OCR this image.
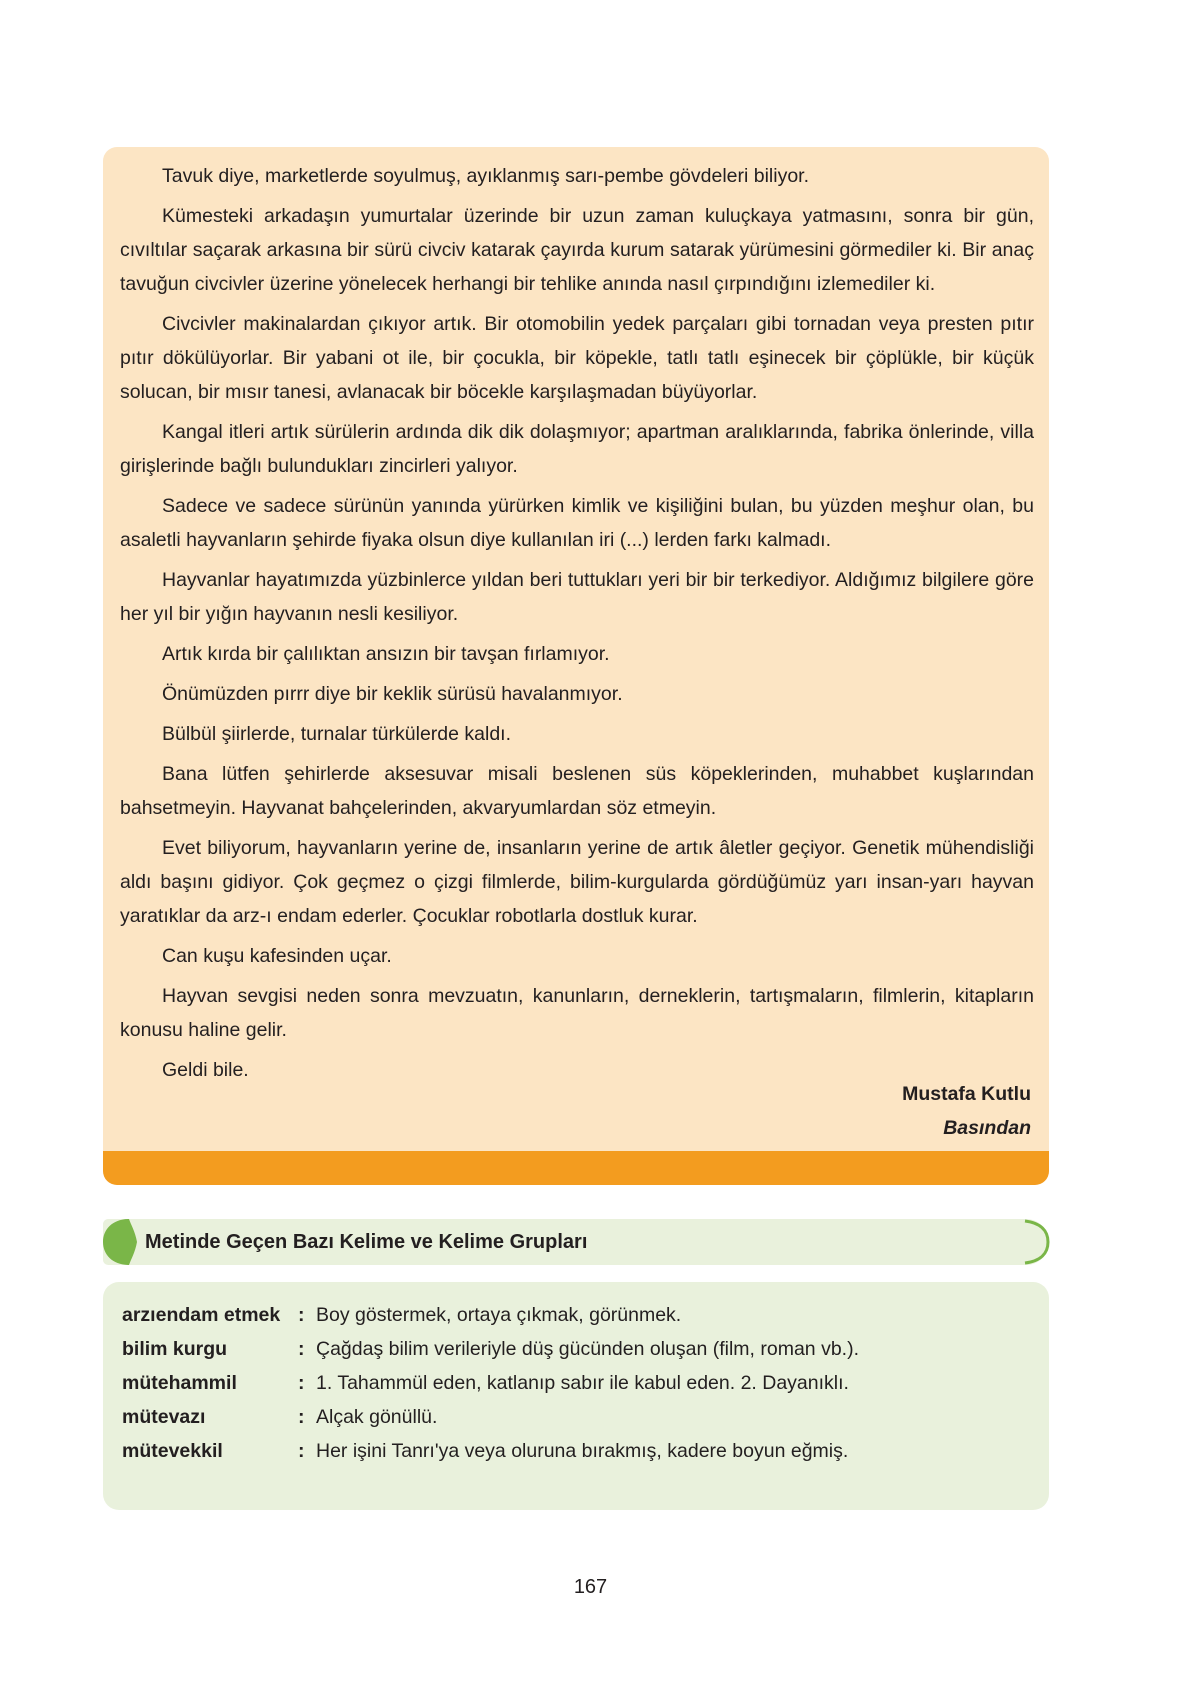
Tavuk diye, marketlerde soyulmuş, ayıklanmış sarı-pembe gövdeleri biliyor.

Kümesteki arkadaşın yumurtalar üzerinde bir uzun zaman kuluçkaya yatmasını, sonra bir gün, cıvıltılar saçarak arkasına bir sürü civciv katarak çayırda kurum satarak yürümesini görmediler ki. Bir anaç tavuğun civcivler üzerine yönelecek herhangi bir tehlike anında nasıl çırpındığını izlemediler ki.

Civcivler makinalardan çıkıyor artık. Bir otomobilin yedek parçaları gibi tornadan veya presten pıtır pıtır dökülüyorlar. Bir yabani ot ile, bir çocukla, bir köpekle, tatlı tatlı eşinecek bir çöplükle, bir küçük solucan, bir mısır tanesi, avlanacak bir böcekle karşılaşmadan büyüyorlar.

Kangal itleri artık sürülerin ardında dik dik dolaşmıyor; apartman aralıklarında, fabrika önlerinde, villa girişlerinde bağlı bulundukları zincirleri yalıyor.

Sadece ve sadece sürünün yanında yürürken kimlik ve kişiliğini bulan, bu yüzden meşhur olan, bu asaletli hayvanların şehirde fiyaka olsun diye kullanılan iri (...) lerden farkı kalmadı.

Hayvanlar hayatımızda yüzbinlerce yıldan beri tuttukları yeri bir bir terkediyor. Aldığımız bilgilere göre her yıl bir yığın hayvanın nesli kesiliyor.

Artık kırda bir çalılıktan ansızın bir tavşan fırlamıyor.

Önümüzden pırrr diye bir keklik sürüsü havalanmıyor.

Bülbül şiirlerde, turnalar türkülerde kaldı.

Bana lütfen şehirlerde aksesuvar misali beslenen süs köpeklerinden, muhabbet kuşlarından bahsetmeyin. Hayvanat bahçelerinden, akvaryumlardan söz etmeyin.

Evet biliyorum, hayvanların yerine de, insanların yerine de artık âletler geçiyor. Genetik mühendisliği aldı başını gidiyor. Çok geçmez o çizgi filmlerde, bilim-kurgularda gördüğümüz yarı insan-yarı hayvan yaratıklar da arz-ı endam ederler. Çocuklar robotlarla dostluk kurar.

Can kuşu kafesinden uçar.

Hayvan sevgisi neden sonra mevzuatın, kanunların, derneklerin, tartışmaların, filmlerin, kitapların konusu haline gelir.

Geldi bile.

Mustafa Kutlu
Basından
Metinde Geçen Bazı Kelime ve Kelime Grupları
arzıendam etmek : Boy göstermek, ortaya çıkmak, görünmek.
bilim kurgu	: Çağdaş bilim verileriyle düş gücünden oluşan (film, roman vb.).
mütehammil	: 1. Tahammül eden, katlanıp sabır ile kabul eden. 2. Dayanıklı.
mütevazı	: Alçak gönüllü.
mütevekkil	: Her işini Tanrı'ya veya oluruna bırakmış, kadere boyun eğmiş.
167
